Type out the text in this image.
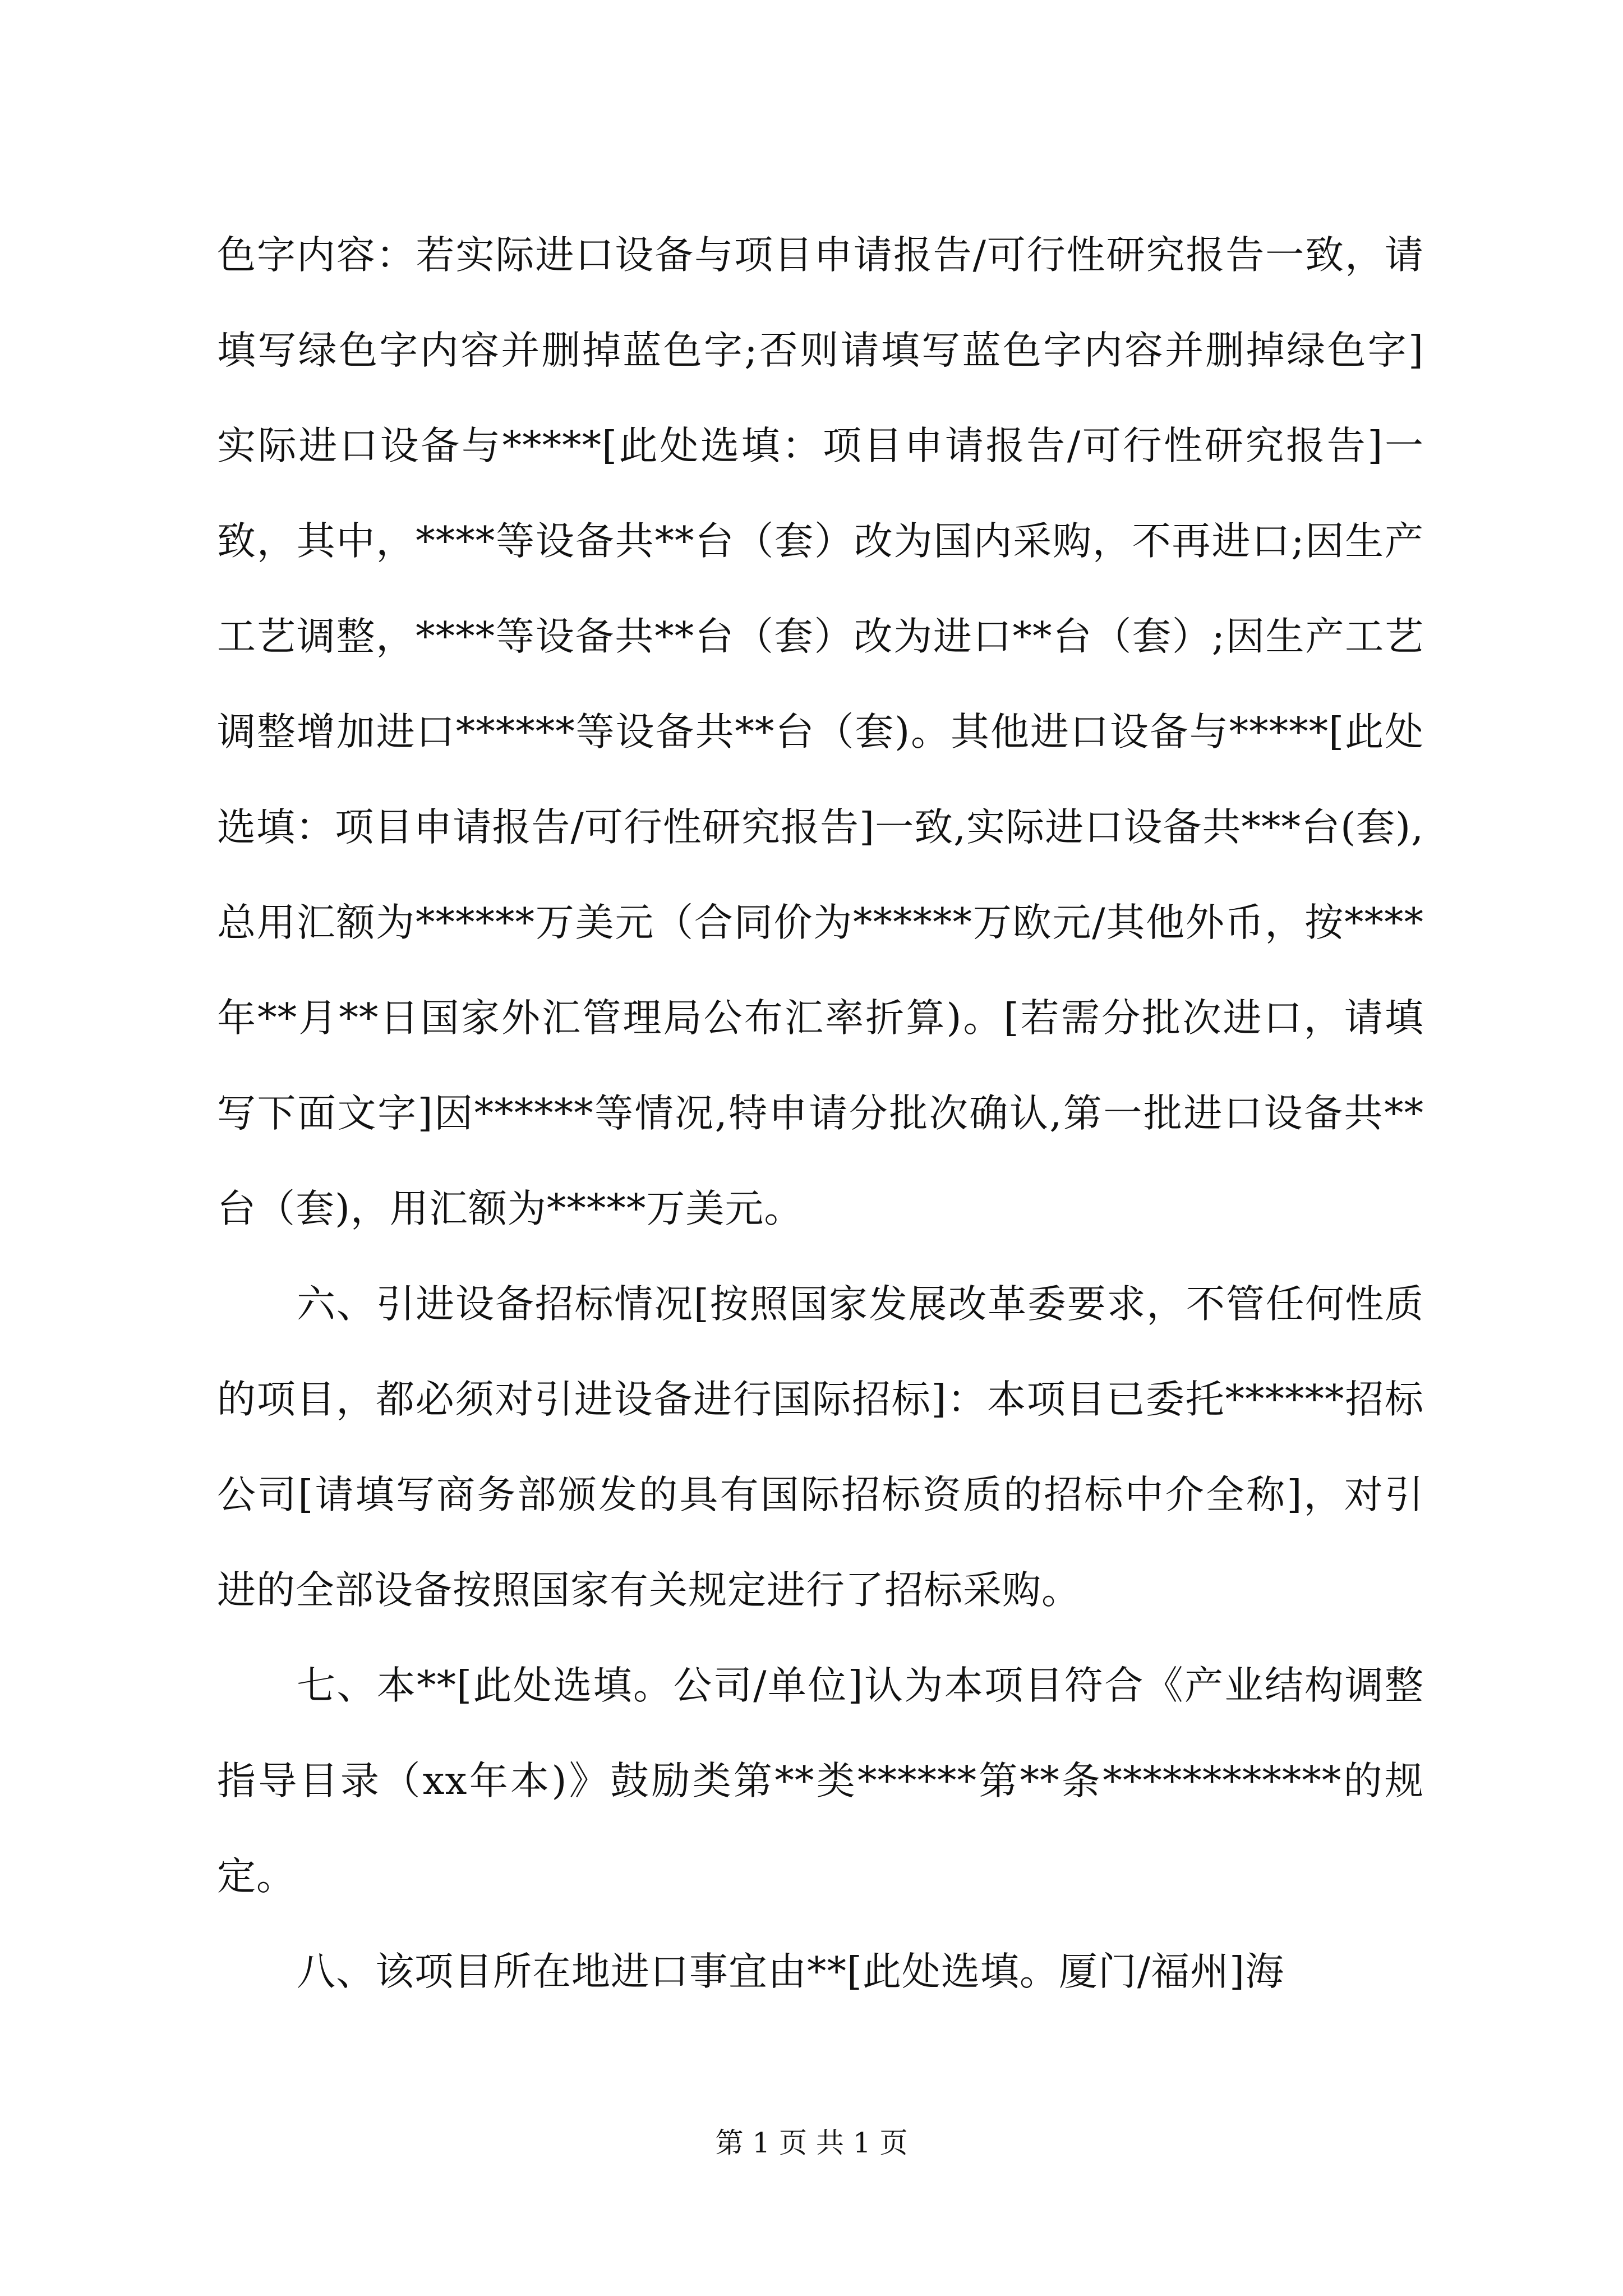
色字内容：若实际进口设备与项目申请报告/可行性研究报告一致，请填写绿色字内容并删掉蓝色字;否则请填写蓝色字内容并删掉绿色字]实际进口设备与*****[此处选填：项目申请报告/可行性研究报告]一致，其中，****等设备共**台（套）改为国内采购，不再进口;因生产工艺调整，****等设备共**台（套）改为进口**台（套）;因生产工艺调整增加进口******等设备共**台（套)。其他进口设备与*****[此处选填：项目申请报告/可行性研究报告]一致,实际进口设备共***台(套),总用汇额为******万美元（合同价为******万欧元/其他外币，按****年**月**日国家外汇管理局公布汇率折算)。[若需分批次进口，请填写下面文字]因******等情况,特申请分批次确认,第一批进口设备共**台（套)，用汇额为*****万美元。

六、引进设备招标情况[按照国家发展改革委要求，不管任何性质的项目，都必须对引进设备进行国际招标]：本项目已委托******招标公司[请填写商务部颁发的具有国际招标资质的招标中介全称]，对引进的全部设备按照国家有关规定进行了招标采购。

七、本**[此处选填。公司/单位]认为本项目符合《产业结构调整指导目录（xx年本)》鼓励类第**类******第**条************的规定。

八、该项目所在地进口事宜由**[此处选填。厦门/福州]海

第 1 页 共 1 页
